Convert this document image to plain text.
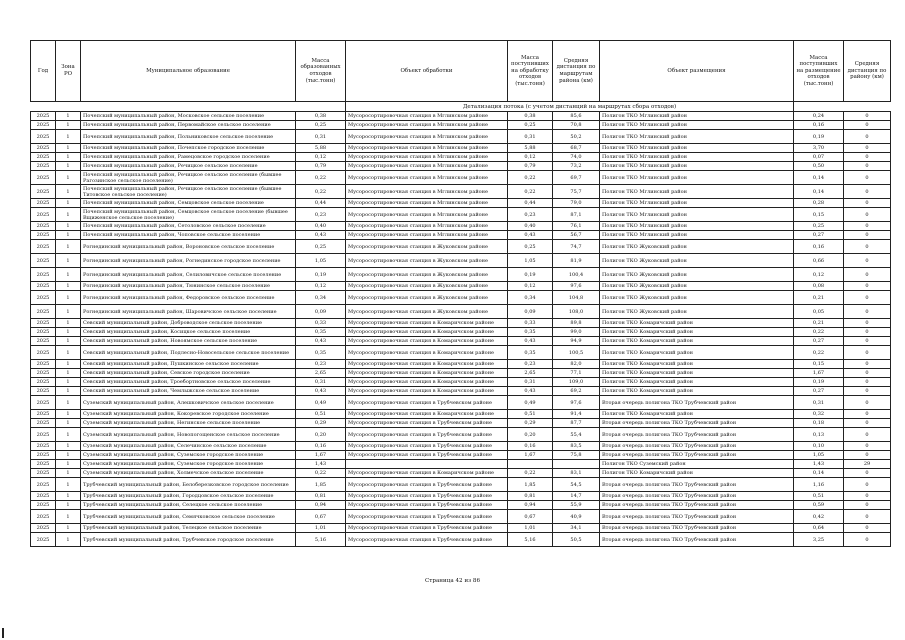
				Детализация потока (с учетом дистанций на маршрутах сбора отходов)					
Год	Зона РО	Муниципальное образование	Масса образованных отходов (тыс.тонн)	Объект обработки	Масса поступивших на обработку отходов (тыс.тонн)	Средняя дистанция по маршрутам района (км)	Объект размещения	Масса поступивших на размещение отходов (тыс.тонн)	Средняя дистанция по району (км)
2025	1	Почепский муниципальный район, Московское сельское поселение	0,38	Мусоросортировочная станция в Мглинском районе	0,38	85,6	Полигон ТКО Мглинский район	0,24	0
2025	1	Почепский муниципальный район, Первомайское сельское поселение	0,25	Мусоросортировочная станция в Мглинском районе	0,25	70,8	Полигон ТКО Мглинский район	0,16	0
2025	1	Почепский муниципальный район, Польниковское сельское поселение	0,31	Мусоросортировочная станция в Мглинском районе	0,31	50,2	Полигон ТКО Мглинский район	0,19	0
2025	1	Почепский муниципальный район, Почепское городское поселение	5,88	Мусоросортировочная станция в Мглинском районе	5,88	68,7	Полигон ТКО Мглинский район	3,70	0
2025	1	Почепский муниципальный район, Рамецовское городское поселение	0,12	Мусоросортировочная станция в Мглинском районе	0,12	74,0	Полигон ТКО Мглинский район	0,07	0
2025	1	Почепский муниципальный район, Речицкое сельское поселение	0,79	Мусоросортировочная станция в Мглинском районе	0,79	73,2	Полигон ТКО Мглинский район	0,50	0
2025	1	Почепский муниципальный район, Речицкое сельское поселение (бывшее Рагозинское сельское поселение)	0,22	Мусоросортировочная станция в Мглинском районе	0,22	69,7	Полигон ТКО Мглинский район	0,14	0
2025	1	Почепский муниципальный район, Речицкое сельское поселение (бывшее Титовское сельское поселение)	0,22	Мусоросортировочная станция в Мглинском районе	0,22	75,7	Полигон ТКО Мглинский район	0,14	0
2025	1	Почепский муниципальный район, Семцовское сельское поселение	0,44	Мусоросортировочная станция в Мглинском районе	0,44	79,0	Полигон ТКО Мглинский район	0,28	0
2025	1	Почепский муниципальный район, Семцовское сельское поселение (бывшее Вщиженское сельское поселение)	0,23	Мусоросортировочная станция в Мглинском районе	0,23	87,1	Полигон ТКО Мглинский район	0,15	0
2025	1	Почепский муниципальный район, Сетоловское сельское поселение	0,40	Мусоросортировочная станция в Мглинском районе	0,40	76,1	Полигон ТКО Мглинский район	0,25	0
2025	1	Почепский муниципальный район, Чоповское сельское поселение	0,43	Мусоросортировочная станция в Мглинском районе	0,43	56,7	Полигон ТКО Мглинский район	0,27	0
2025	1	Рогнединский муниципальный район, Вороновское сельское поселение	0,25	Мусоросортировочная станция в Жуковском районе	0,25	74,7	Полигон ТКО Жуковский район	0,16	0
2025	1	Рогнединский муниципальный район, Рогнединское городское поселение	1,05	Мусоросортировочная станция в Жуковском районе	1,05	81,9	Полигон ТКО Жуковский район	0,66	0
2025	1	Рогнединский муниципальный район, Селиловичское сельское поселение	0,19	Мусоросортировочная станция в Жуковском районе	0,19	100,4	Полигон ТКО Жуковский район	0,12	0
2025	1	Рогнединский муниципальный район, Тюнинское сельское поселение	0,12	Мусоросортировочная станция в Жуковском районе	0,12	97,6	Полигон ТКО Жуковский район	0,08	0
2025	1	Рогнединский муниципальный район, Федоровское сельское поселение	0,34	Мусоросортировочная станция в Жуковском районе	0,34	104,8	Полигон ТКО Жуковский район	0,21	0
2025	1	Рогнединский муниципальный район, Шаровичское сельское поселение	0,09	Мусоросортировочная станция в Жуковском районе	0,09	108,0	Полигон ТКО Жуковский район	0,05	0
2025	1	Севский муниципальный район, Доброводское сельское поселение	0,33	Мусоросортировочная станция в Комаричском районе	0,33	89,8	Полигон ТКО Комаричский район	0,21	0
2025	1	Севский муниципальный район, Косицкое сельское поселение	0,35	Мусоросортировочная станция в Комаричском районе	0,35	99,0	Полигон ТКО Комаричский район	0,22	0
2025	1	Севский муниципальный район, Новоямское сельское поселение	0,43	Мусоросортировочная станция в Комаричском районе	0,43	94,9	Полигон ТКО Комаричский район	0,27	0
2025	1	Севский муниципальный район, Подлесно-Новосельское сельское поселение	0,35	Мусоросортировочная станция в Комаричском районе	0,35	100,5	Полигон ТКО Комаричский район	0,22	0
2025	1	Севский муниципальный район, Пушкинское сельское поселение	0,23	Мусоросортировочная станция в Комаричском районе	0,23	82,0	Полигон ТКО Комаричский район	0,15	0
2025	1	Севский муниципальный район, Севское городское поселение	2,65	Мусоросортировочная станция в Комаричском районе	2,65	77,1	Полигон ТКО Комаричский район	1,67	0
2025	1	Севский муниципальный район, Троебортновское сельское поселение	0,31	Мусоросортировочная станция в Комаричском районе	0,31	109,0	Полигон ТКО Комаричский район	0,19	0
2025	1	Севский муниципальный район, Чемлыжское сельское поселение	0,43	Мусоросортировочная станция в Комаричском районе	0,43	69,2	Полигон ТКО Комаричский район	0,27	0
2025	1	Суземский муниципальный район, Алешковичское сельское поселение	0,49	Мусоросортировочная станция в Трубчевском районе	0,49	97,6	Вторая очередь полигона ТКО Трубчевский район	0,31	0
2025	1	Суземский муниципальный район, Кокоревское городское поселение	0,51	Мусоросортировочная станция в Комаричском районе	0,51	91,4	Полигон ТКО Комаричский район	0,32	0
2025	1	Суземский муниципальный район, Негинское сельское поселение	0,29	Мусоросортировочная станция в Трубчевском районе	0,29	87,7	Вторая очередь полигона ТКО Трубчевский район	0,18	0
2025	1	Суземский муниципальный район, Новопогощенское сельское поселение	0,20	Мусоросортировочная станция в Трубчевском районе	0,20	55,4	Вторая очередь полигона ТКО Трубчевский район	0,13	0
2025	1	Суземский муниципальный район, Селечинское сельское поселение	0,16	Мусоросортировочная станция в Трубчевском районе	0,16	83,5	Вторая очередь полигона ТКО Трубчевский район	0,10	0
2025	1	Суземский муниципальный район, Суземское городское поселение	1,67	Мусоросортировочная станция в Трубчевском районе	1,67	75,8	Вторая очередь полигона ТКО Трубчевский район	1,05	0
2025	1	Суземский муниципальный район, Суземское городское поселение	1,43				Полигон ТКО Суземский район	1,43	29
2025	1	Суземский муниципальный район, Холмечское сельское поселение	0,22	Мусоросортировочная станция в Комаричском районе	0,22	83,1	Полигон ТКО Комаричский район	0,14	0
2025	1	Трубчевский муниципальный район, Белоберезковское городское поселение	1,85	Мусоросортировочная станция в Трубчевском районе	1,85	54,5	Вторая очередь полигона ТКО Трубчевский район	1,16	0
2025	1	Трубчевский муниципальный район, Городцовское сельское поселение	0,81	Мусоросортировочная станция в Трубчевском районе	0,81	14,7	Вторая очередь полигона ТКО Трубчевский район	0,51	0
2025	1	Трубчевский муниципальный район, Селецкое сельское поселение	0,94	Мусоросортировочная станция в Трубчевском районе	0,94	55,9	Вторая очередь полигона ТКО Трубчевский район	0,59	0
2025	1	Трубчевский муниципальный район, Семячковское сельское поселение	0,67	Мусоросортировочная станция в Трубчевском районе	0,67	40,9	Вторая очередь полигона ТКО Трубчевский район	0,42	0
2025	1	Трубчевский муниципальный район, Телецкое сельское поселение	1,01	Мусоросортировочная станция в Трубчевском районе	1,01	34,1	Вторая очередь полигона ТКО Трубчевский район	0,64	0
2025	1	Трубчевский муниципальный район, Трубчевское городское поселение	5,16	Мусоросортировочная станция в Трубчевском районе	5,16	50,5	Вторая очередь полигона ТКО Трубчевский район	3,25	0
Страница 42 из 86
